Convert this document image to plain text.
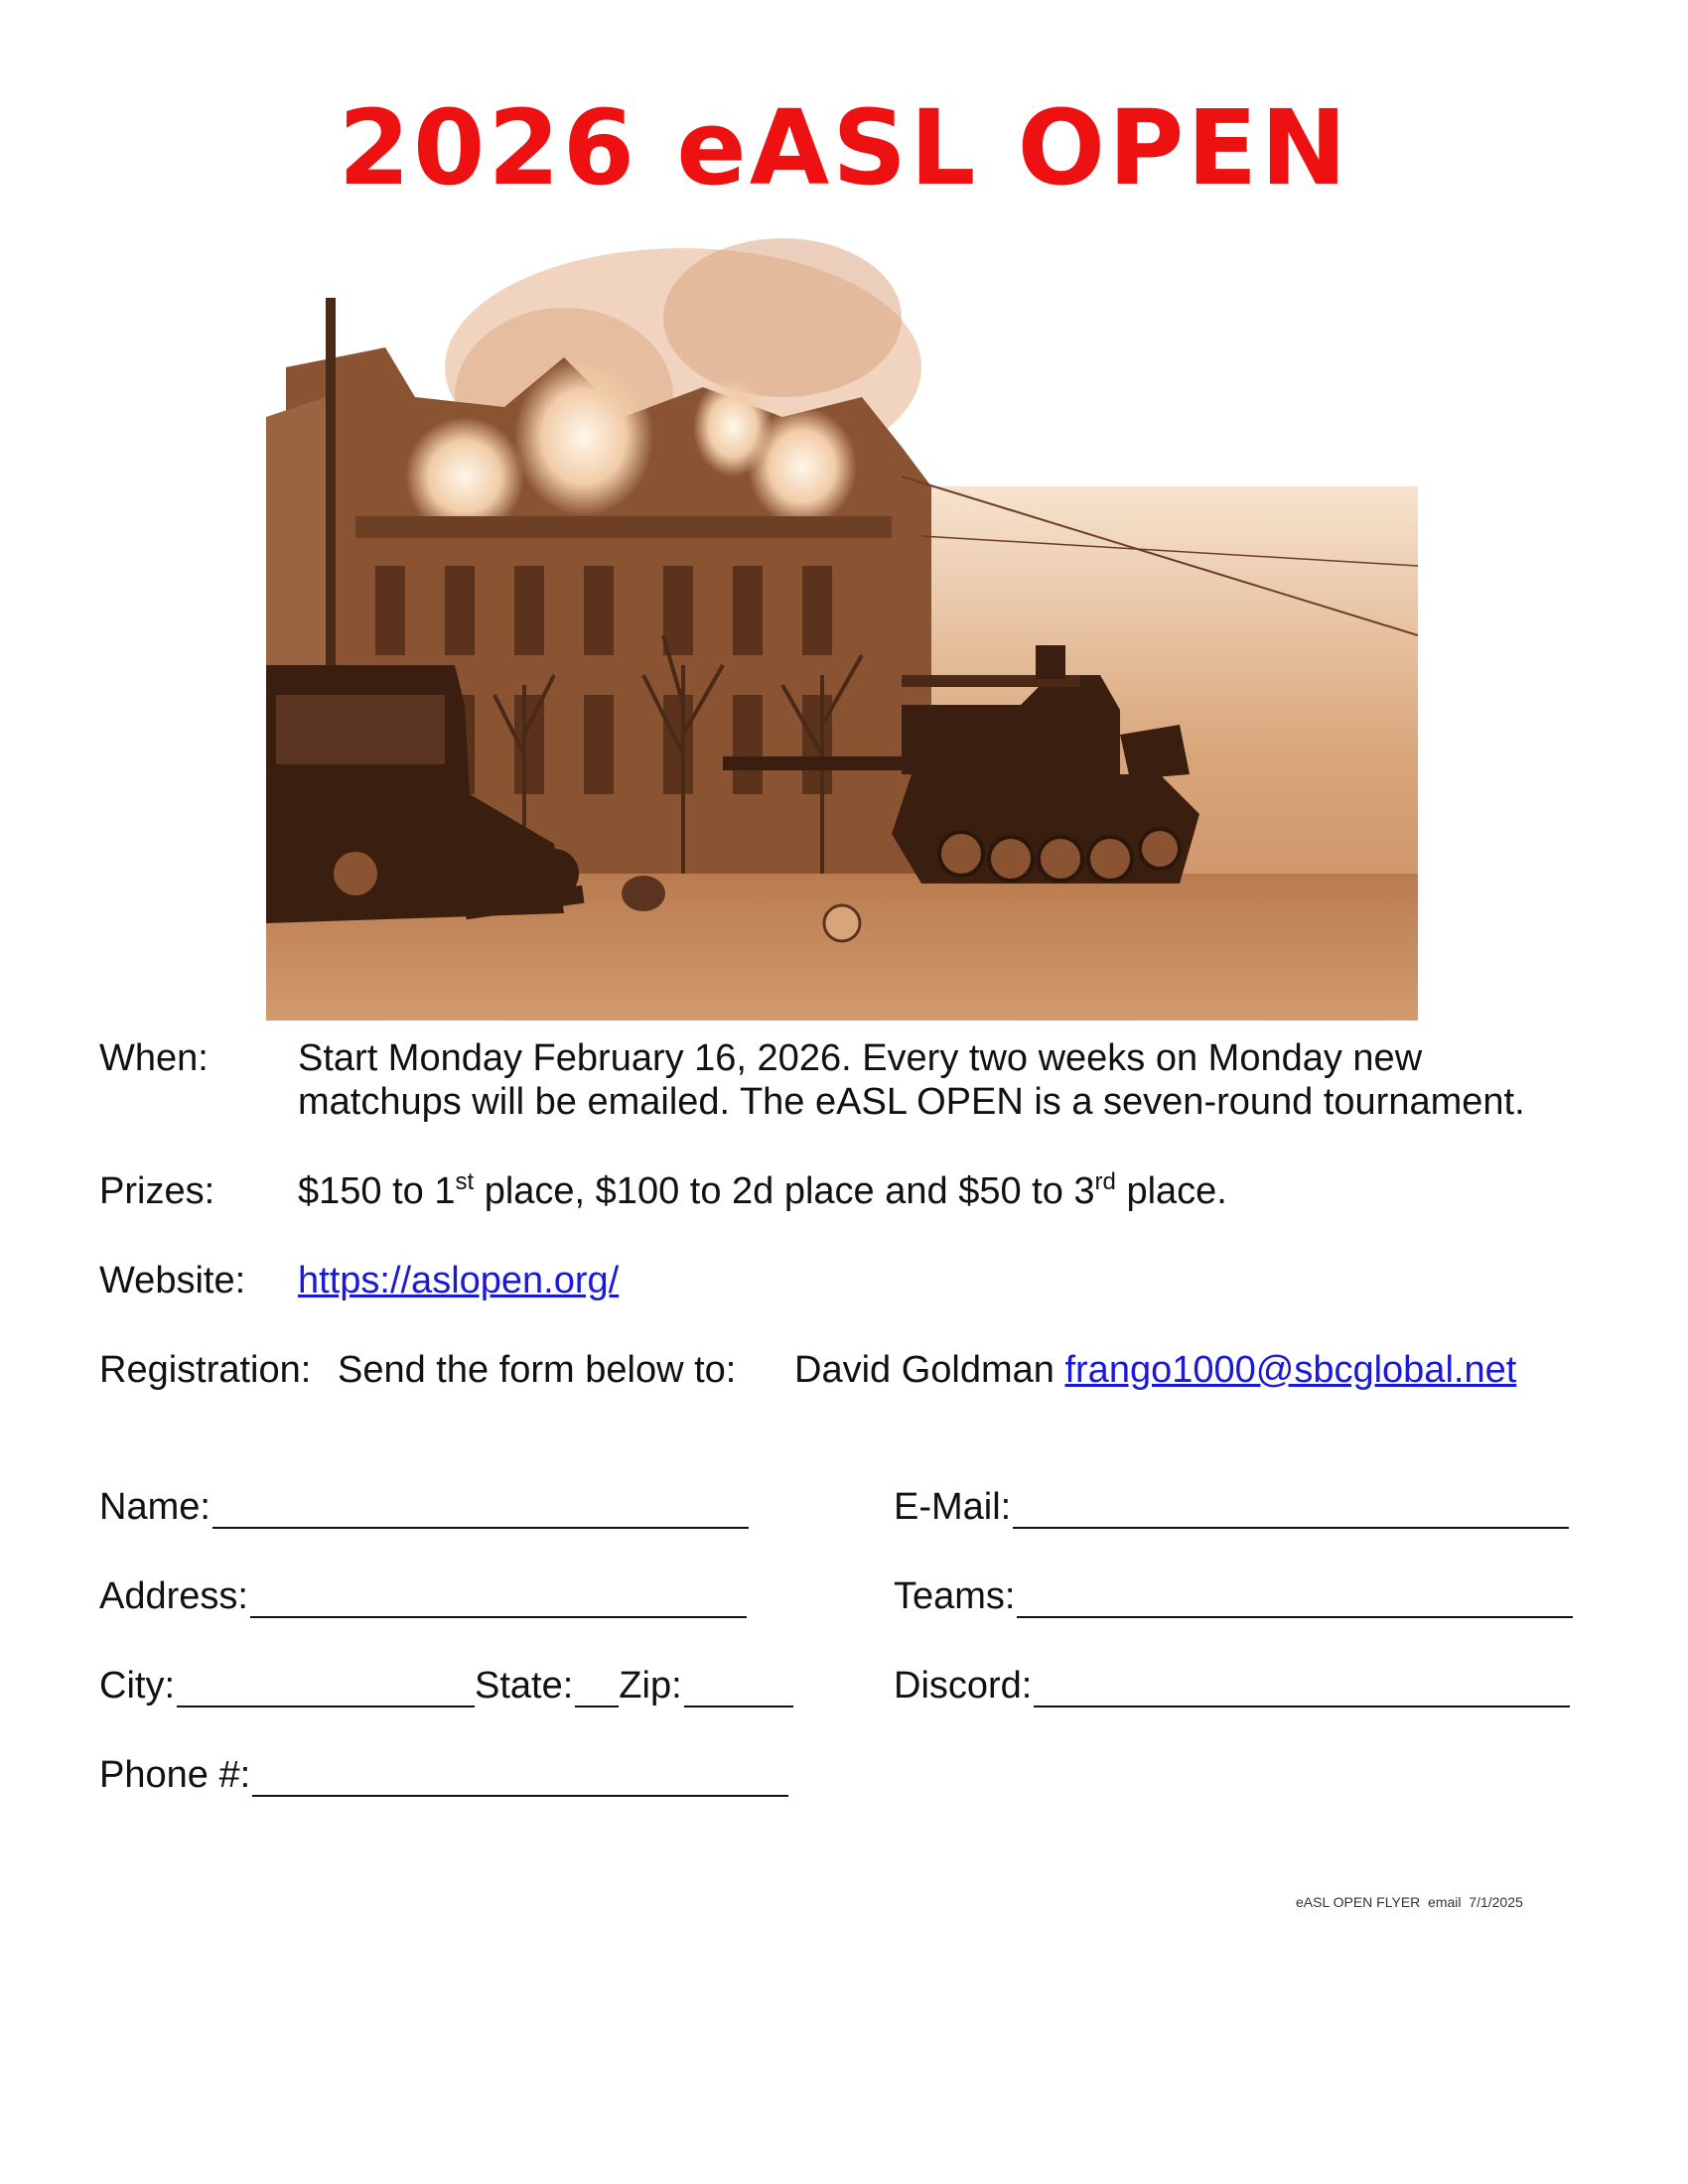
2026 eASL OPEN
When: Start Monday February 16, 2026. Every two weeks on Monday new
matchups will be emailed. The eASL OPEN is a seven-round tournament.
Prizes: $150 to 1st place, $100 to 2d place and $50 to 3rd place.
Website: https://aslopen.org/
Registration: Send the form below to: David Goldman frango1000@sbcglobal.net
Name:
Address:
City:	State: Zip:
Phone #:
E-Mail:
Teams:
Discord:
eASL OPEN FLYER  email  7/1/2025
